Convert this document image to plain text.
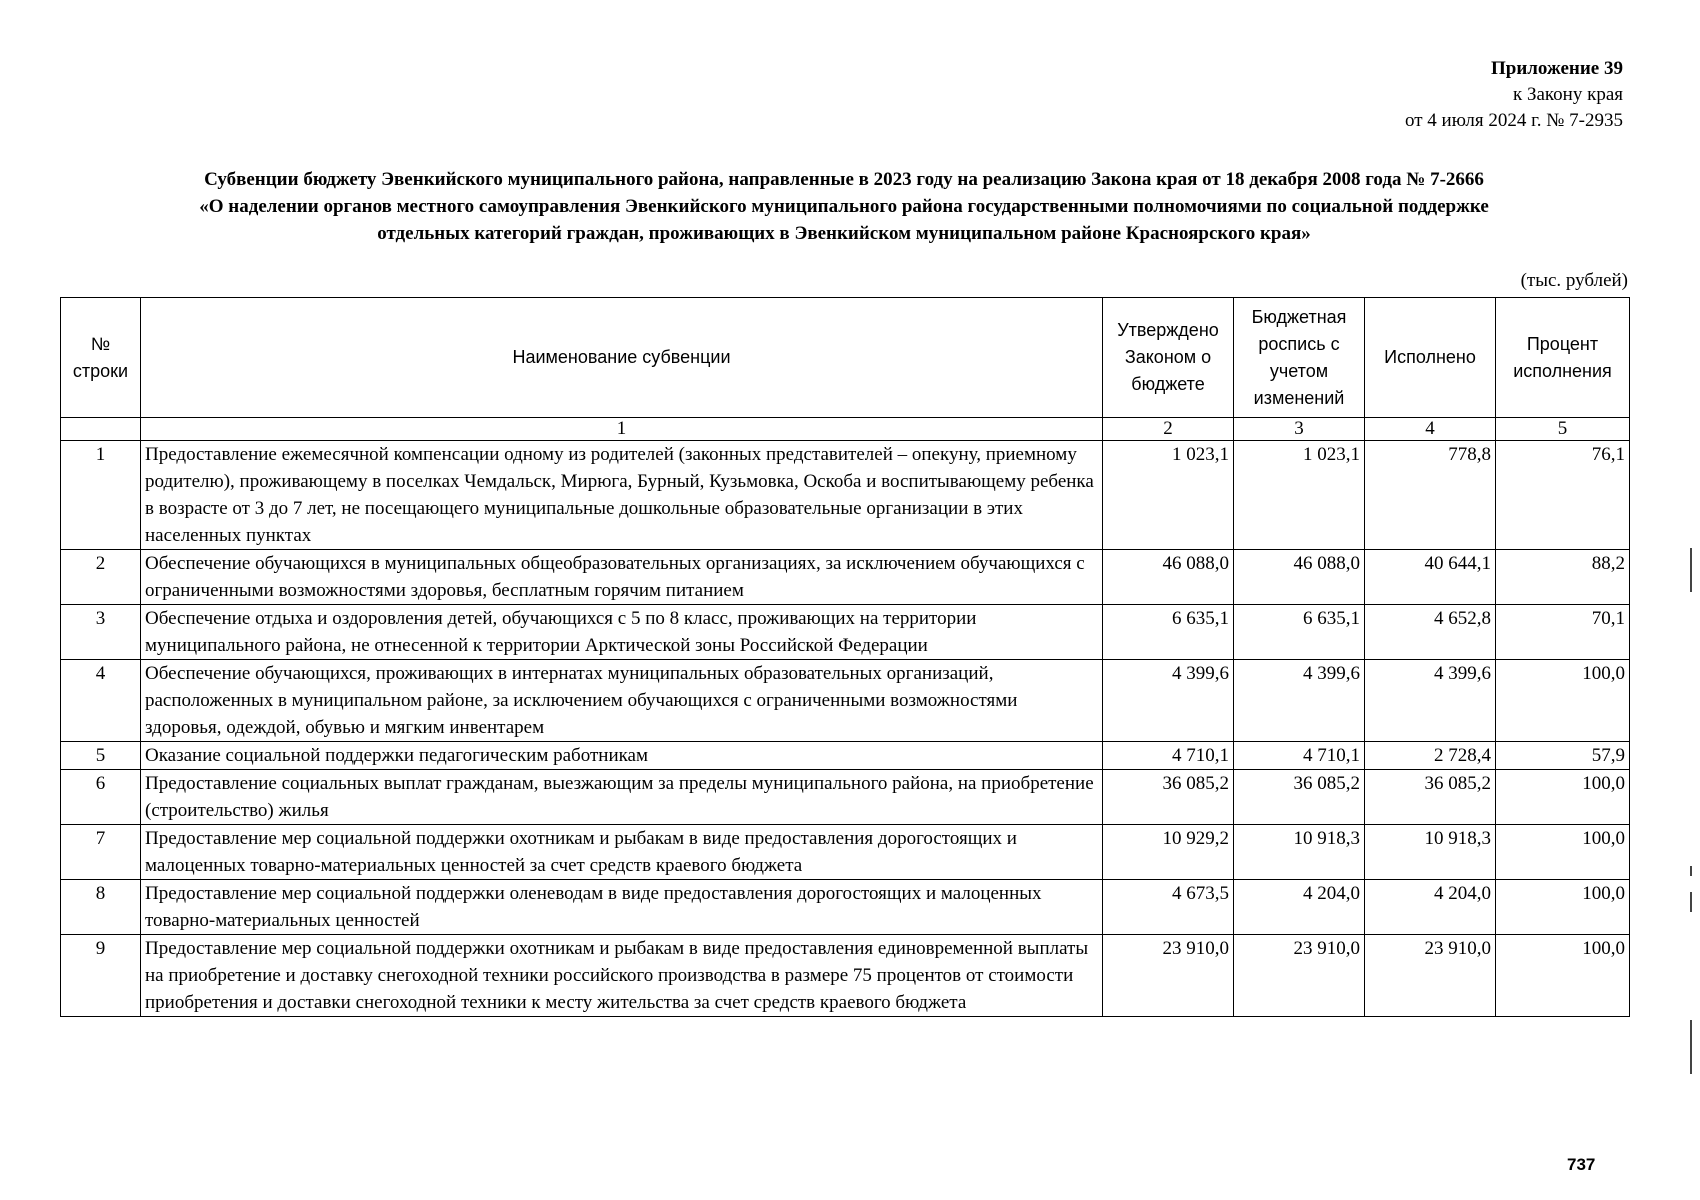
Приложение 39
к Закону края
от 4 июля 2024 г. № 7-2935
Субвенции бюджету Эвенкийского муниципального района, направленные в 2023 году на реализацию Закона края от 18 декабря 2008 года № 7-2666
«О наделении органов местного самоуправления Эвенкийского муниципального района государственными полномочиями по социальной поддержке
отдельных категорий граждан, проживающих в Эвенкийском муниципальном районе Красноярского края»
(тыс. рублей)
№ строки	Наименование субвенции	Утверждено Законом о бюджете	Бюджетная роспись с учетом изменений	Исполнено	Процент исполнения
	1	2	3	4	5
1	Предоставление ежемесячной компенсации одному из родителей (законных представителей – опекуну, приемному родителю), проживающему в поселках Чемдальск, Мирюга, Бурный, Кузьмовка, Оскоба и воспитывающему ребенка в возрасте от 3 до 7 лет, не посещающего муниципальные дошкольные образовательные организации в этих населенных пунктах	1 023,1	1 023,1	778,8	76,1
2	Обеспечение обучающихся в муниципальных общеобразовательных организациях, за исключением обучающихся с ограниченными возможностями здоровья, бесплатным горячим питанием	46 088,0	46 088,0	40 644,1	88,2
3	Обеспечение отдыха и оздоровления детей, обучающихся с 5 по 8 класс, проживающих на территории муниципального района, не отнесенной к территории Арктической зоны Российской Федерации	6 635,1	6 635,1	4 652,8	70,1
4	Обеспечение обучающихся, проживающих в интернатах муниципальных образовательных организаций, расположенных в муниципальном районе, за исключением обучающихся с ограниченными возможностями здоровья, одеждой, обувью и мягким инвентарем	4 399,6	4 399,6	4 399,6	100,0
5	Оказание социальной поддержки педагогическим работникам	4 710,1	4 710,1	2 728,4	57,9
6	Предоставление социальных выплат гражданам, выезжающим за пределы муниципального района, на приобретение (строительство) жилья	36 085,2	36 085,2	36 085,2	100,0
7	Предоставление мер социальной поддержки охотникам и рыбакам в виде предоставления дорогостоящих и малоценных товарно-материальных ценностей за счет средств краевого бюджета	10 929,2	10 918,3	10 918,3	100,0
8	Предоставление мер социальной поддержки оленеводам в виде предоставления дорогостоящих и малоценных товарно-материальных ценностей	4 673,5	4 204,0	4 204,0	100,0
9	Предоставление мер социальной поддержки охотникам и рыбакам в виде предоставления единовременной выплаты на приобретение и доставку снегоходной техники российского производства в размере 75 процентов от стоимости приобретения и доставки снегоходной техники к месту жительства за счет средств краевого бюджета	23 910,0	23 910,0	23 910,0	100,0
737
